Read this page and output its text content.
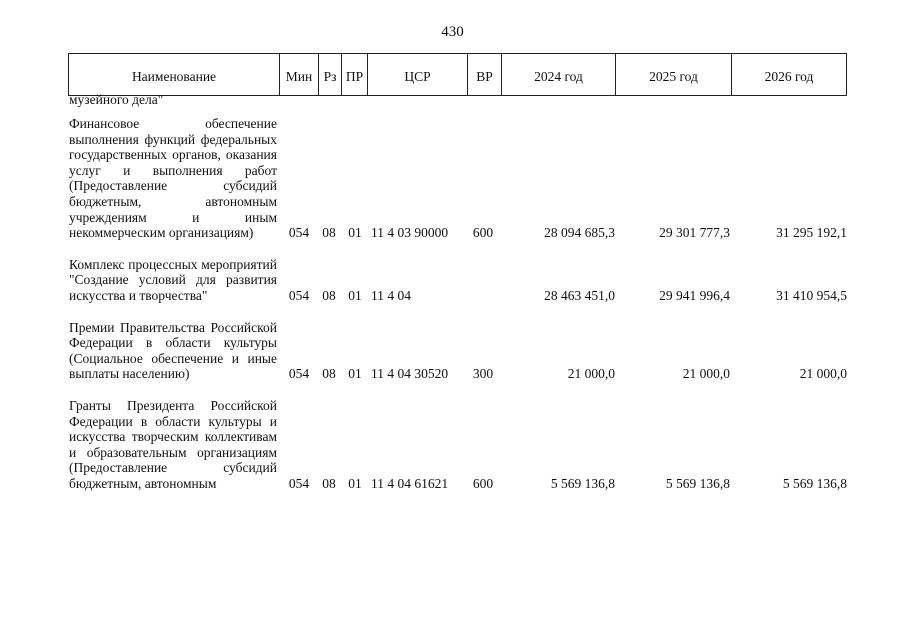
430
Наименование	Мин	Рз	ПР	ЦСР	ВР	2024 год	2025 год	2026 год
музейного дела"
Финансовое обеспечение выполнения функций федеральных государственных органов, оказания услуг и выполнения работ (Предоставление субсидий бюджетным, автономным учреждениям и иным некоммерческим организациям)	054	08	01	11 4 03 90000	600	28 094 685,3	29 301 777,3	31 295 192,1

Комплекс процессных мероприятий "Создание условий для развития искусства и творчества"	054	08	01	11 4 04		28 463 451,0	29 941 996,4	31 410 954,5

Премии Правительства Российской Федерации в области культуры (Социальное обеспечение и иные выплаты населению)	054	08	01	11 4 04 30520	300	21 000,0	21 000,0	21 000,0

Гранты Президента Российской Федерации в области культуры и искусства творческим коллективам и образовательным организациям (Предоставление субсидий бюджетным, автономным	054	08	01	11 4 04 61621	600	5 569 136,8	5 569 136,8	5 569 136,8
